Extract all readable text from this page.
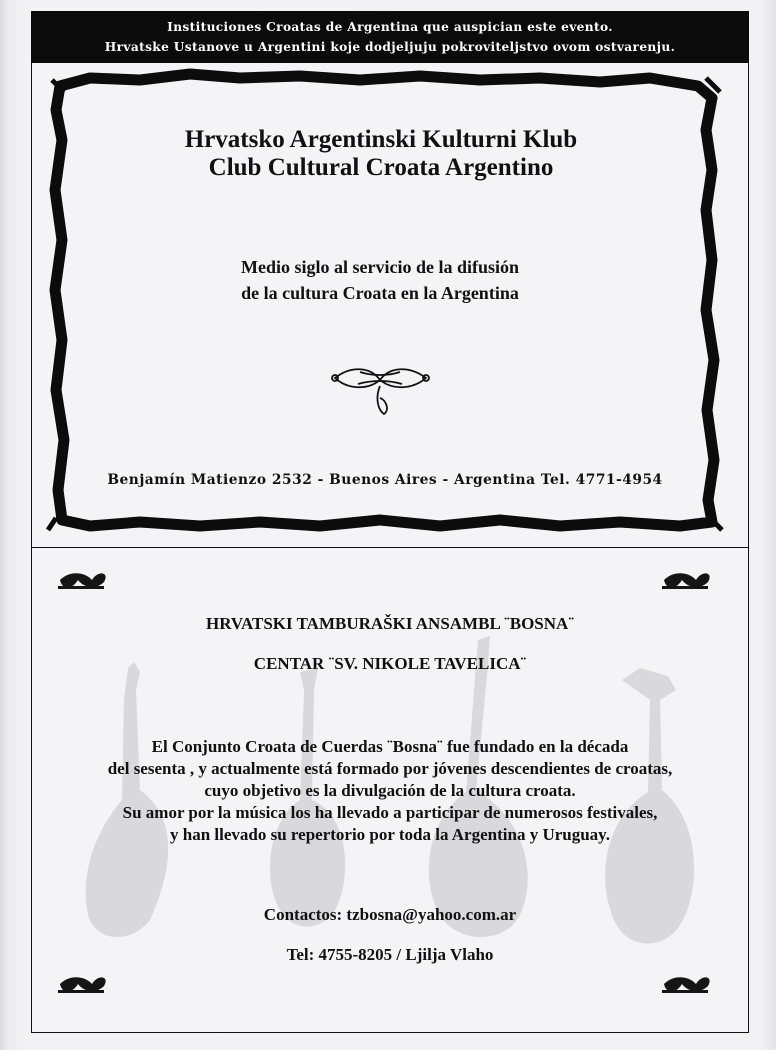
Instituciones Croatas de Argentina que auspician este evento.
Hrvatske Ustanove u Argentini koje dodjeljuju pokroviteljstvo ovom ostvarenju.
Hrvatsko Argentinski Kulturni Klub
Club Cultural Croata Argentino
Medio siglo al servicio de la difusión
de la cultura Croata en la Argentina
Benjamín Matienzo 2532 - Buenos Aires - Argentina Tel. 4771-4954
HRVATSKI TAMBURAŠKI ANSAMBL ¨BOSNA¨
CENTAR ¨SV. NIKOLE TAVELICA¨
El Conjunto Croata de Cuerdas ¨Bosna¨ fue fundado en la década
del sesenta , y actualmente está formado por jóvenes descendientes de croatas,
cuyo objetivo es la divulgación de la cultura croata.
Su amor por la música los ha llevado a participar de numerosos festivales,
y han llevado su repertorio por toda la Argentina y Uruguay.
Contactos: tzbosna@yahoo.com.ar
Tel: 4755-8205 / Ljilja Vlaho
